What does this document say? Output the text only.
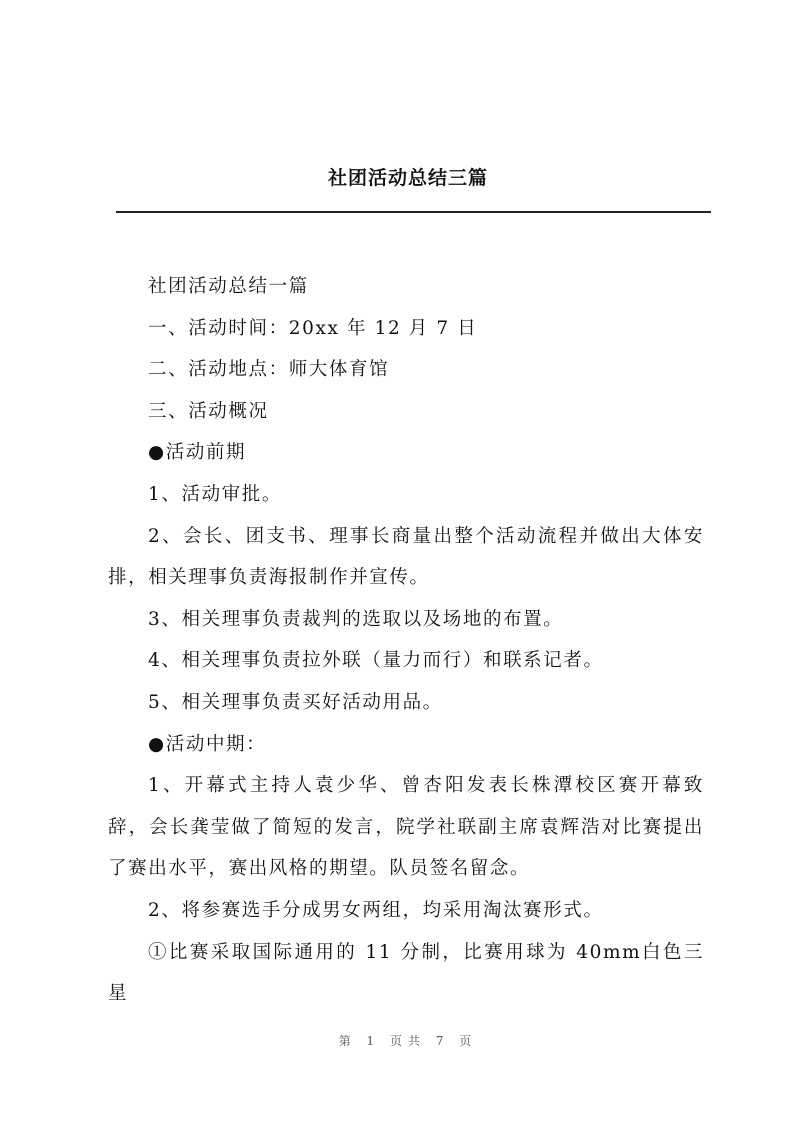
社团活动总结三篇

社团活动总结一篇

一、活动时间：20xx 年 12 月 7 日

二、活动地点：师大体育馆

三、活动概况

●活动前期

1、活动审批。

2、会长、团支书、理事长商量出整个活动流程并做出大体安排，相关理事负责海报制作并宣传。

3、相关理事负责裁判的选取以及场地的布置。

4、相关理事负责拉外联（量力而行）和联系记者。

5、相关理事负责买好活动用品。

●活动中期：

1、开幕式主持人袁少华、曾杏阳发表长株潭校区赛开幕致辞，会长龚莹做了简短的发言，院学社联副主席袁辉浩对比赛提出了赛出水平，赛出风格的期望。队员签名留念。

2、将参赛选手分成男女两组，均采用淘汰赛形式。

①比赛采取国际通用的 11 分制，比赛用球为 40mm白色三星

第 1 页共 7 页
